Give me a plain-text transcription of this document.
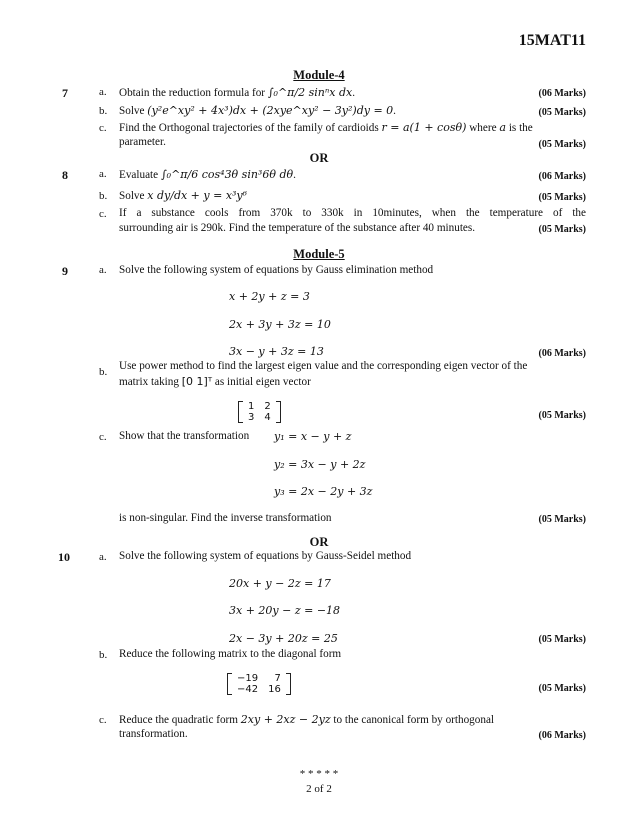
15MAT11
Module-4
7	a. Obtain the reduction formula for ∫₀^π/2 sinⁿx dx.	(06 Marks)
b. Solve (y²e^xy² + 4x³)dx + (2xye^xy² − 3y²)dy = 0.	(05 Marks)
c. Find the Orthogonal trajectories of the family of cardioids r = a(1 + cosθ) where a is the
parameter.	(05 Marks)
OR
8	a. Evaluate ∫₀^π/6 cos⁴3θ sin³6θ dθ.	(06 Marks)
b. Solve x dy/dx + y = x³y⁶	(05 Marks)
c. If a substance cools from 370k to 330k in 10minutes, when the temperature of the
surrounding air is 290k. Find the temperature of the substance after 40 minutes.	(05 Marks)
Module-5
9	a. Solve the following system of equations by Gauss elimination method
x + 2y + z = 3
2x + 3y + 3z = 10
3x − y + 3z = 13	(06 Marks)
b. Use power method to find the largest eigen value and the corresponding eigen vector of the
matrix taking [0 1]ᵀ as initial eigen vector
1	2
3	4	(05 Marks)
c. Show that the transformation y₁ = x − y + z
y₂ = 3x − y + 2z
y₃ = 2x − 2y + 3z
is non-singular. Find the inverse transformation	(05 Marks)
OR
10	a. Solve the following system of equations by Gauss-Seidel method
20x + y − 2z = 17
3x + 20y − z = −18
2x − 3y + 20z = 25	(05 Marks)
b. Reduce the following matrix to the diagonal form
−19	7
−42	16	(05 Marks)
c. Reduce the quadratic form 2xy + 2xz − 2yz to the canonical form by orthogonal
transformation.	(06 Marks)
* * * * *
2 of 2
